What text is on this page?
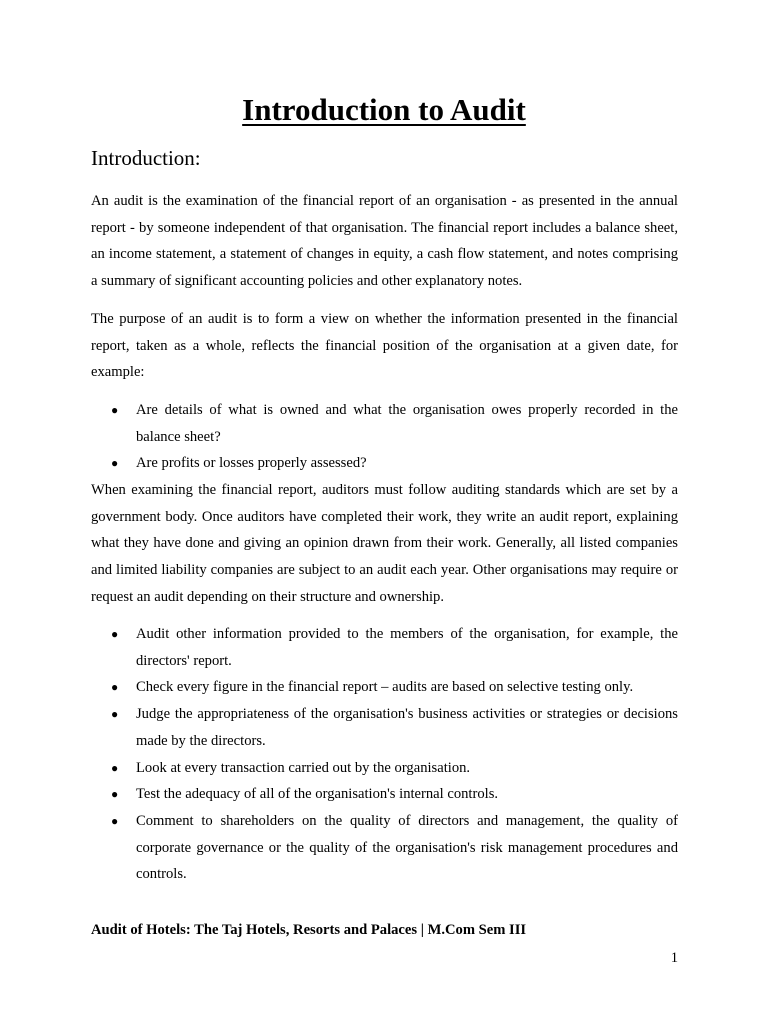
Introduction to Audit
Introduction:

An audit is the examination of the financial report of an organisation - as presented in the annual report - by someone independent of that organisation. The financial report includes a balance sheet, an income statement, a statement of changes in equity, a cash flow statement, and notes comprising a summary of significant accounting policies and other explanatory notes.

The purpose of an audit is to form a view on whether the information presented in the financial report, taken as a whole, reflects the financial position of the organisation at a given date, for example:

● Are details of what is owned and what the organisation owes properly recorded in the balance sheet?
● Are profits or losses properly assessed?

When examining the financial report, auditors must follow auditing standards which are set by a government body. Once auditors have completed their work, they write an audit report, explaining what they have done and giving an opinion drawn from their work. Generally, all listed companies and limited liability companies are subject to an audit each year. Other organisations may require or request an audit depending on their structure and ownership.

● Audit other information provided to the members of the organisation, for example, the directors' report.
● Check every figure in the financial report – audits are based on selective testing only.
● Judge the appropriateness of the organisation's business activities or strategies or decisions made by the directors.
● Look at every transaction carried out by the organisation.
● Test the adequacy of all of the organisation's internal controls.
● Comment to shareholders on the quality of directors and management, the quality of corporate governance or the quality of the organisation's risk management procedures and controls.

Audit of Hotels: The Taj Hotels, Resorts and Palaces | M.Com Sem III

1
